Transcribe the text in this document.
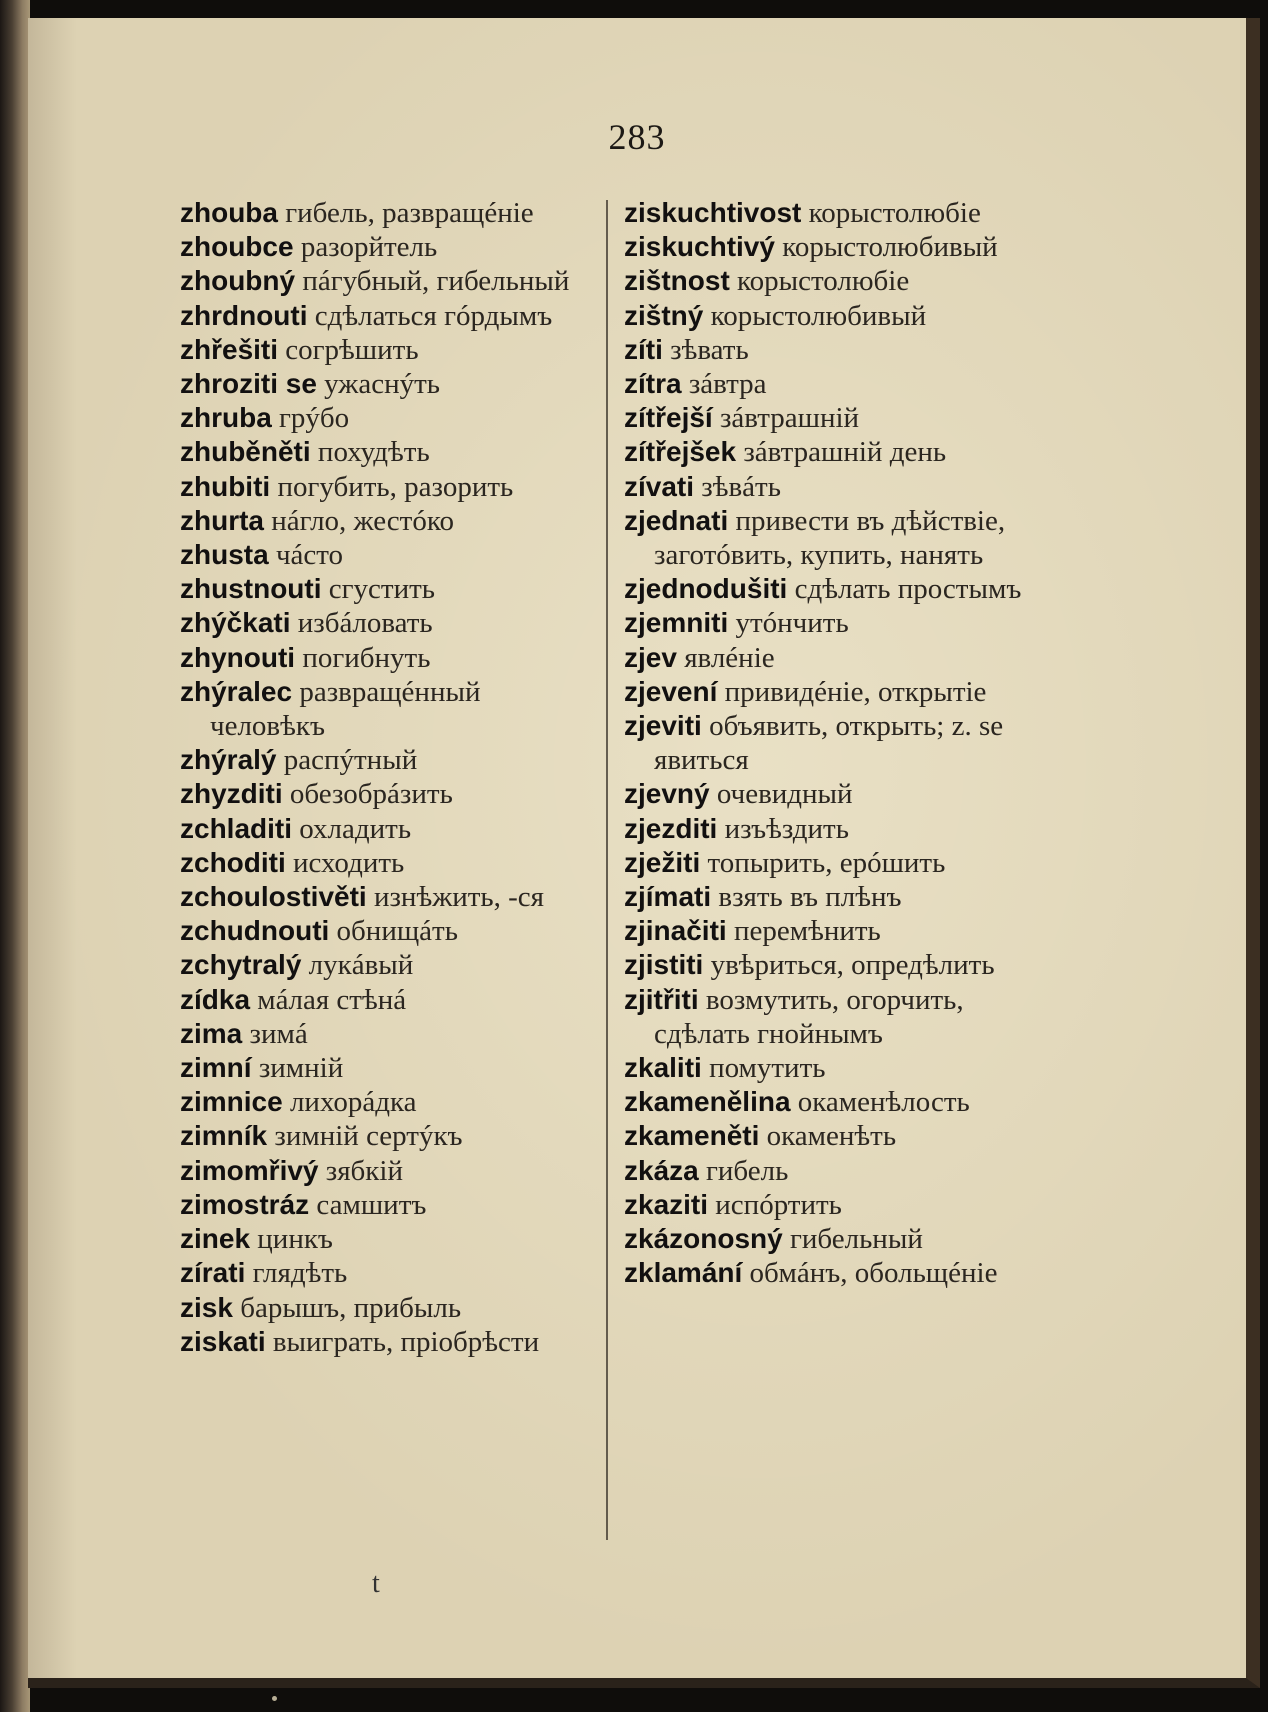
283
zhouba гибель, развращéніе
zhoubce разорйтель
zhoubný пáгубный, гибельный
zhrdnouti сдѣлаться гóрдымъ
zhřešiti согрѣшить
zhroziti se ужаснýть
zhruba грýбо
zhuběněti похудѣть
zhubiti погубить, разорить
zhurta нáгло, жестóко
zhusta чáсто
zhustnouti сгустить
zhýčkati избáловать
zhynouti погибнуть
zhýralec развращéнный человѣкъ
zhýralý распýтный
zhyzditi обезобрáзить
zchladiti охладить
zchoditi исходить
zchoulostivěti изнѣжить, -ся
zchudnouti обнищáть
zchytralý лукáвый
zídka мáлая стѣнá
zima зимá
zimní зимній
zimnice лихорáдка
zimník зимній сертýкъ
zimomřivý зябкій
zimostráz самшитъ
zinek цинкъ
zírati глядѣть
zisk барышъ, прибыль
ziskati выиграть, пріобрѣсти
ziskuchtivost корыстолюбіе
ziskuchtivý корыстолюбивый
zištnost корыстолюбіе
zištný корыстолюбивый
zíti зѣвать
zítra зáвтра
zítřejší зáвтрашній
zítřejšek зáвтрашній день
zívati зѣвáть
zjednati привести въ дѣйствіе, заготóвить, купить, нанять
zjednodušiti сдѣлать простымъ
zjemniti утóнчить
zjev явлéніе
zjevení привидéніе, открытіе
zjeviti объявить, открыть; z. se явиться
zjevný очевидный
zjezditi изъѣздить
zježiti топырить, ерóшить
zjímati взять въ плѣнъ
zjinačiti перемѣнить
zjistiti увѣриться, опредѣлить
zjitřiti возмутить, огорчить, сдѣлать гнойнымъ
zkaliti помутить
zkamenělina окаменѣлость
zkameněti окаменѣть
zkáza гибель
zkaziti испóртить
zkázonosný гибельный
zklamání обмáнъ, обольщéніе
t
